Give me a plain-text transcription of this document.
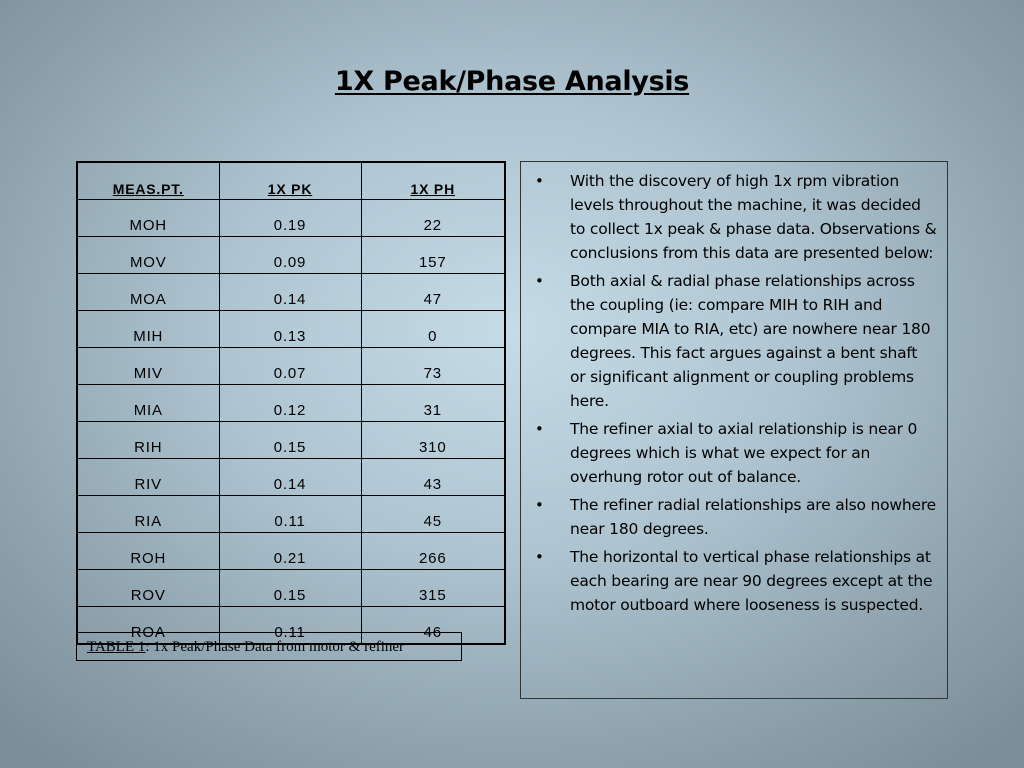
1X Peak/Phase Analysis
MEAS.PT.	1X PK	1X PH
MOH	0.19	22
MOV	0.09	157
MOA	0.14	47
MIH	0.13	0
MIV	0.07	73
MIA	0.12	31
RIH	0.15	310
RIV	0.14	43
RIA	0.11	45
ROH	0.21	266
ROV	0.15	315
ROA	0.11	46
TABLE 1: 1x Peak/Phase Data from motor & refiner
• With the discovery of high 1x rpm vibration levels throughout the machine, it was decided to collect 1x peak & phase data. Observations & conclusions from this data are presented below:
• Both axial & radial phase relationships across the coupling (ie: compare MIH to RIH and compare MIA to RIA, etc) are nowhere near 180 degrees. This fact argues against a bent shaft or significant alignment or coupling problems here.
• The refiner axial to axial relationship is near 0 degrees which is what we expect for an overhung rotor out of balance.
• The refiner radial relationships are also nowhere near 180 degrees.
• The horizontal to vertical phase relationships at each bearing are near 90 degrees except at the motor outboard where looseness is suspected.
